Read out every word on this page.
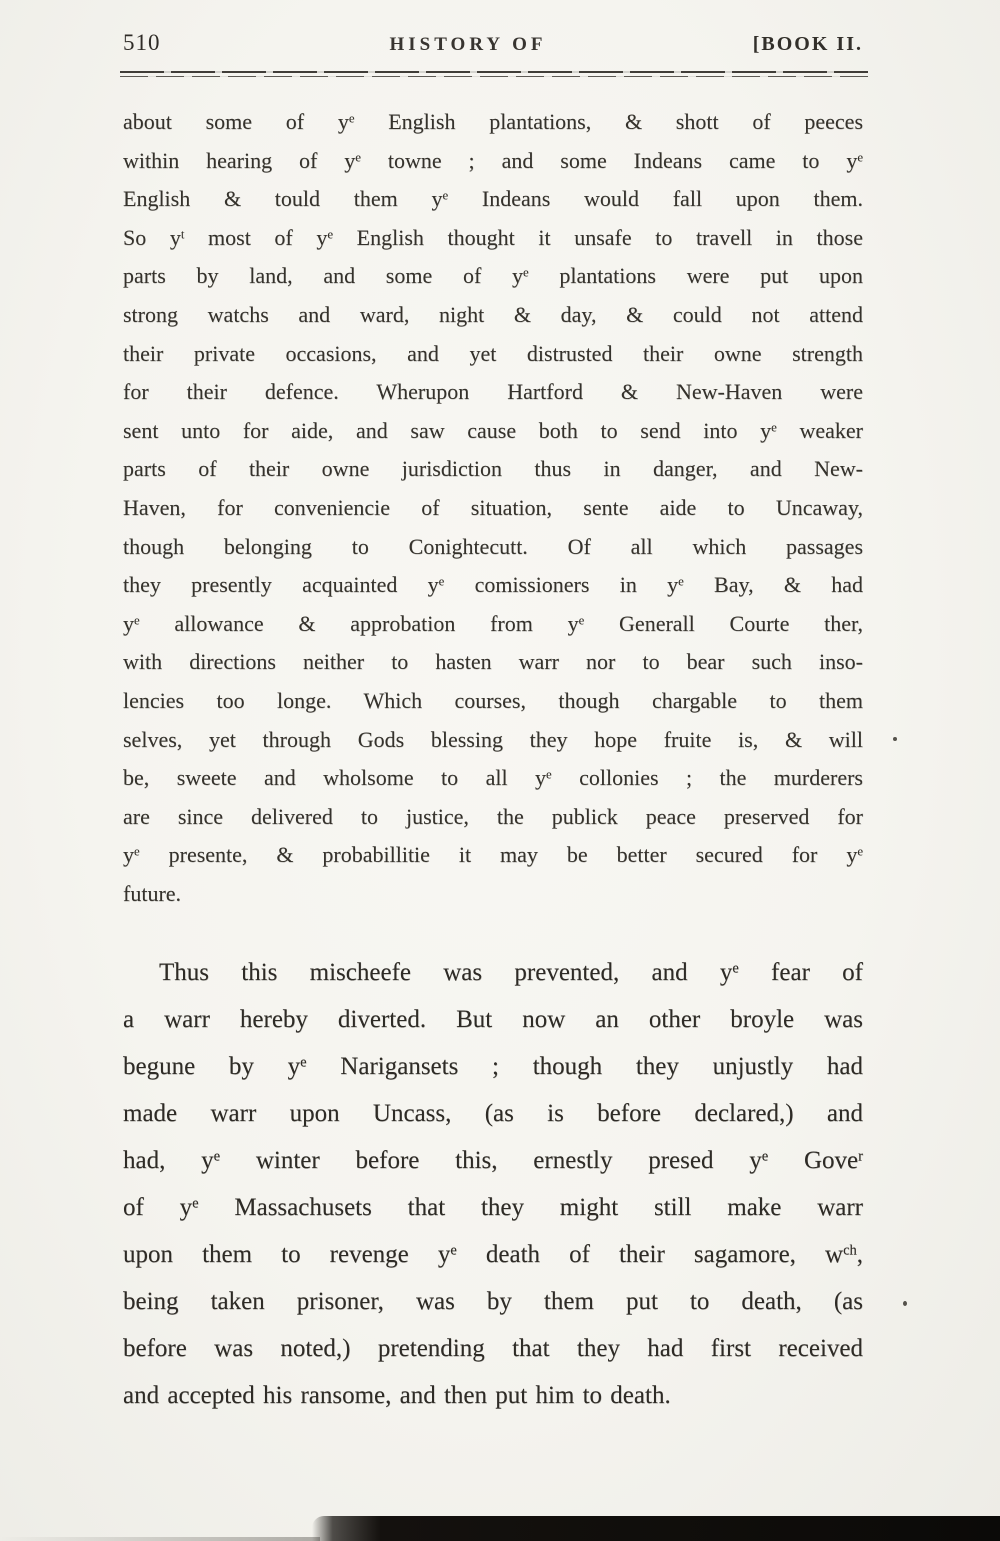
510	HISTORY OF	[BOOK II.
about some of $y^e$ English plantations, & shott of peeces
within hearing of $y^e$ towne ; and some Indeans came to $y^e$
English & tould them $y^e$ Indeans would fall upon them.
So $y^t$ most of $y^e$ English thought it unsafe to travell in those
parts by land, and some of $y^e$ plantations were put upon
strong watchs and ward, night & day, & could not attend
their private occasions, and yet distrusted their owne strength
for their defence. Wherupon Hartford & New-Haven were
sent unto for aide, and saw cause both to send into $y^e$ weaker
parts of their owne jurisdiction thus in danger, and New-
Haven, for conveniencie of situation, sente aide to Uncaway,
though belonging to Conightecutt. Of all which passages
they presently acquainted $y^e$ comissioners in $y^e$ Bay, & had
$y^e$ allowance & approbation from $y^e$ Generall Courte ther,
with directions neither to hasten warr nor to bear such inso-
lencies too longe. Which courses, though chargable to them
selves, yet through Gods blessing they hope fruite is, & will
be, sweete and wholsome to all $y^e$ collonies ; the murderers
are since delivered to justice, the publick peace preserved for
$y^e$ presente, & probabillitie it may be better secured for $y^e$
future.
Thus this mischeefe was prevented, and $y^e$ fear of
a warr hereby diverted. But now an other broyle was
begune by $y^e$ Narigansets ; though they unjustly had
made warr upon Uncass, (as is before declared,) and
had, $y^e$ winter before this, ernestly presed $y^e$ Gove$^r$
of $y^e$ Massachusets that they might still make warr
upon them to revenge $y^e$ death of their sagamore, $w^{ch}$,
being taken prisoner, was by them put to death, (as
before was noted,) pretending that they had first received
and accepted his ransome, and then put him to death.
